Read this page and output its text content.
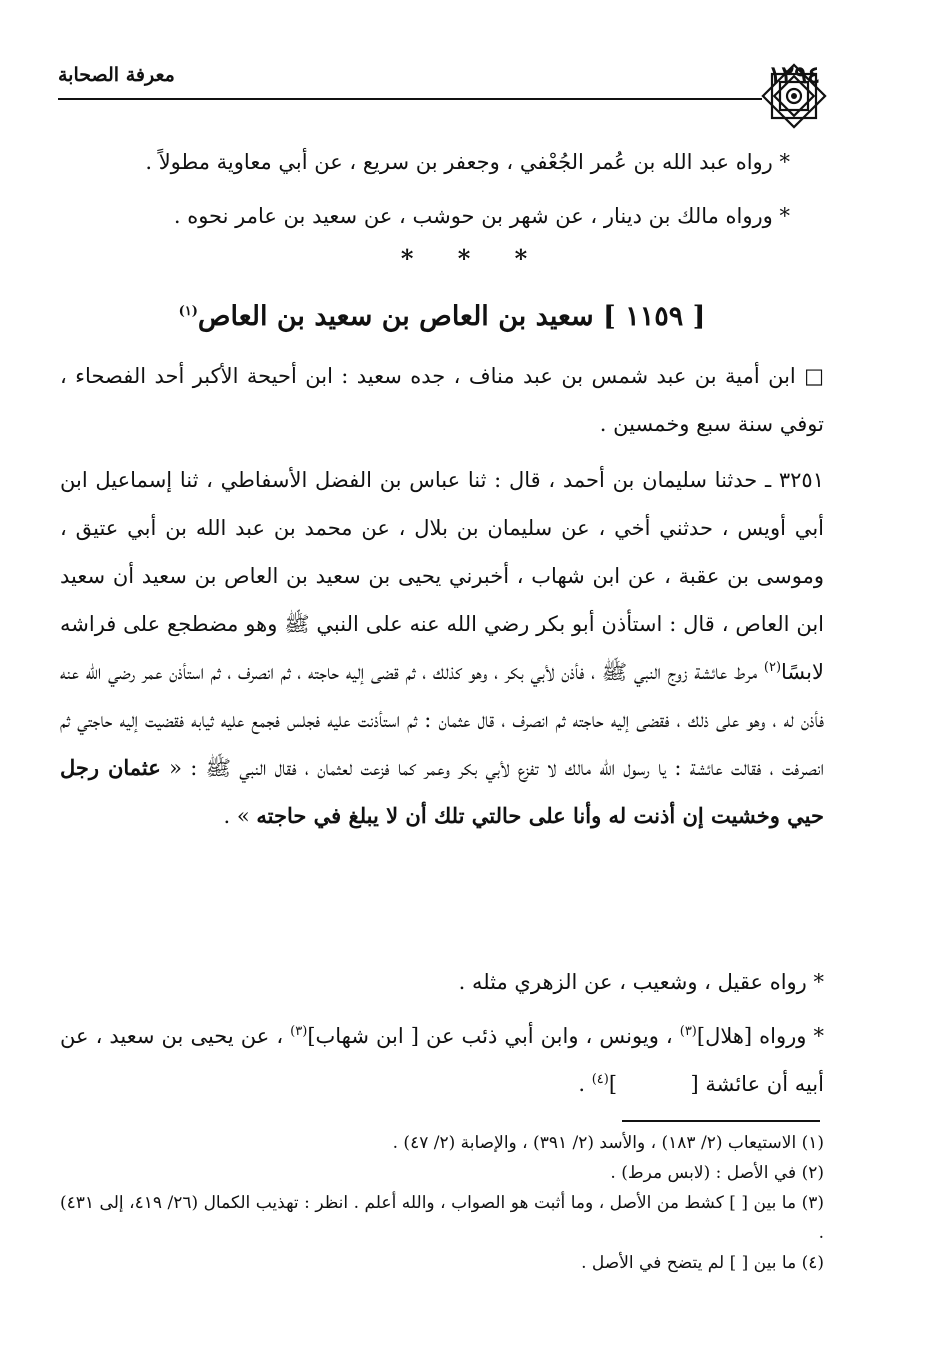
معرفة الصحابة	١٢٩٤

* رواه عبد الله بن عُمر الجُعْفي ، وجعفر بن سريع ، عن أبي معاوية مطولاً .

* ورواه مالك بن دينار ، عن شهر بن حوشب ، عن سعيد بن عامر نحوه .

* * *
[ ١١٥٩ ] سعيد بن العاص بن سعيد بن العاص$^{(١)}$

□ ابن أمية بن عبد شمس بن عبد مناف ، جده سعيد : ابن أحيحة الأكبر أحد الفصحاء ، توفي سنة سبع وخمسين .

٣٢٥١ ـ حدثنا سليمان بن أحمد ، قال : ثنا عباس بن الفضل الأسفاطي ، ثنا إسماعيل ابن أبي أويس ، حدثني أخي ، عن سليمان بن بلال ، عن محمد بن عبد الله بن أبي عتيق ، وموسى بن عقبة ، عن ابن شهاب ، أخبرني يحيى بن سعيد بن العاص بن سعيد أن سعيد ابن العاص ، قال : استأذن أبو بكر رضي الله عنه على النبي ﷺ وهو مضطجع على فراشه لابسًا$^{(٢)}$ مرط عائشة زوج النبي ﷺ ، فأذن لأبي بكر ، وهو كذلك ، ثم قضى إليه حاجته ، ثم انصرف ، ثم استأذن عمر رضي الله عنه فأذن له ، وهو على ذلك ، فقضى إليه حاجته ثم انصرف ، قال عثمان : ثم استأذنت عليه فجلس فجمع عليه ثيابه فقضيت إليه حاجتي ثم انصرفت ، فقالت عائشة : يا رسول الله مالك لا تفزع لأبي بكر وعمر كما فزعت لعثمان ، فقال النبي ﷺ : « عثمان رجل حيي وخشيت إن أذنت له وأنا على حالتي تلك أن لا يبلغ في حاجته » .

* رواه عقيل ، وشعيب ، عن الزهري مثله .

* ورواه [هلال]$^{(٣)}$ ، ويونس ، وابن أبي ذئب عن [ ابن شهاب]$^{(٣)}$ ، عن يحيى بن سعيد ، عن أبيه أن عائشة [           ]$^{(٤)}$ .

(١) الاستيعاب (٢/ ١٨٣) ، والأسد (٢/ ٣٩١) ، والإصابة (٢/ ٤٧) .

(٢) في الأصل : (لابس مرط) .

(٣) ما بين [ ] كشط من الأصل ، وما أثبت هو الصواب ، والله أعلم . انظر : تهذيب الكمال (٢٦/ ٤١٩، إلى ٤٣١) .

(٤) ما بين [ ] لم يتضح في الأصل .
